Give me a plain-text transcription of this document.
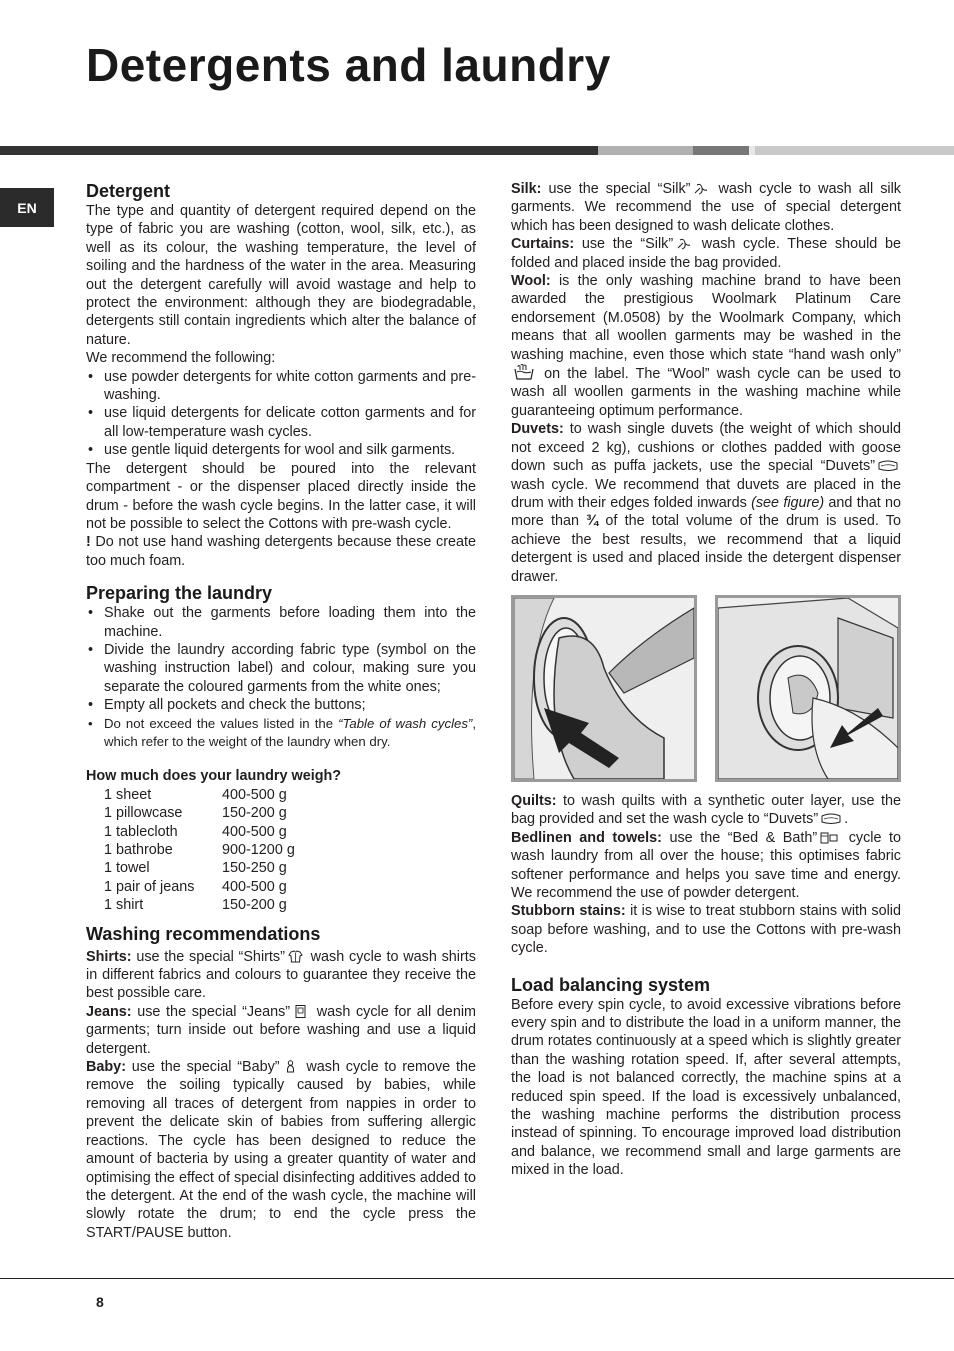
Detergents and laundry
EN
Detergent

The type and quantity of detergent required depend on the type of fabric you are washing (cotton, wool, silk, etc.), as well as its colour, the washing temperature, the level of soiling and the hardness of the water in the area. Measuring out the detergent carefully will avoid wastage and help to protect the environment: although they are biodegradable, detergents still contain ingredients which alter the balance of nature.

We recommend the following:

• use powder detergents for white cotton garments and pre-washing.
• use liquid detergents for delicate cotton garments and for all low-temperature wash cycles.
• use gentle liquid detergents for wool and silk garments.

The detergent should be poured into the relevant compartment - or the dispenser placed directly inside the drum - before the wash cycle begins. In the latter case, it will not be possible to select the Cottons with pre-wash cycle.

! Do not use hand washing detergents because these create too much foam.

Preparing the laundry
• Shake out the garments before loading them into the machine.
• Divide the laundry according fabric type (symbol on the washing instruction label) and colour, making sure you separate the coloured garments from the white ones;
• Empty all pockets and check the buttons;
• Do not exceed the values listed in the “Table of wash cycles”, which refer to the weight of the laundry when dry.
How much does your laundry weigh?
1 sheet	400-500 g
1 pillowcase	150-200 g
1 tablecloth	400-500 g
1 bathrobe	900-1200 g
1 towel	150-250 g
1 pair of jeans	400-500 g
1 shirt	150-200 g
Washing recommendations

Shirts: use the special “Shirts”
wash cycle to wash shirts in different fabrics and colours to guarantee they receive the best possible care.

Jeans: use the special “Jeans”
wash cycle for all denim garments; turn inside out before washing and use a liquid detergent.

Baby: use the special “Baby”
wash cycle to remove the remove the soiling typically caused by babies, while removing all traces of detergent from nappies in order to prevent the delicate skin of babies from suffering allergic reactions. The cycle has been designed to reduce the amount of bacteria by using a greater quantity of water and optimising the effect of special disinfecting additives added to the detergent. At the end of the wash cycle, the machine will slowly rotate the drum; to end the cycle press the START/PAUSE button.

Silk: use the special “Silk”
wash cycle to wash all silk garments. We recommend the use of special detergent which has been designed to wash delicate clothes.

Curtains: use the “Silk”
wash cycle. These should be folded and placed inside the bag provided.

Wool: is the only washing machine brand to have been awarded the prestigious Woolmark Platinum Care endorsement (M.0508) by the Woolmark Company, which means that all woollen garments may be washed in the washing machine, even those which state “hand wash only”
on the label. The “Wool” wash cycle can be used to wash all woollen garments in the washing machine while guaranteeing optimum performance.

Duvets: to wash single duvets (the weight of which should not exceed 2 kg), cushions or clothes padded with goose down such as puffa jackets, use the special “Duvets”
wash cycle. We recommend that duvets are placed in the drum with their edges folded inwards (see figure) and that no more than ¾ of the total volume of the drum is used. To achieve the best results, we recommend that a liquid detergent is used and placed inside the detergent dispenser drawer.

Quilts: to wash quilts with a synthetic outer layer, use the bag provided and set the wash cycle to “Duvets” .

Bedlinen and towels: use the “Bed & Bath”
cycle to wash laundry from all over the house; this optimises fabric softener performance and helps you save time and energy. We recommend the use of powder detergent.

Stubborn stains: it is wise to treat stubborn stains with solid soap before washing, and to use the Cottons with pre-wash cycle.

Load balancing system

Before every spin cycle, to avoid excessive vibrations before every spin and to distribute the load in a uniform manner, the drum rotates continuously at a speed which is slightly greater than the washing rotation speed. If, after several attempts, the load is not balanced correctly, the machine spins at a reduced spin speed. If the load is excessively unbalanced, the washing machine performs the distribution process instead of spinning. To encourage improved load distribution and balance, we recommend small and large garments are mixed in the load.

8
